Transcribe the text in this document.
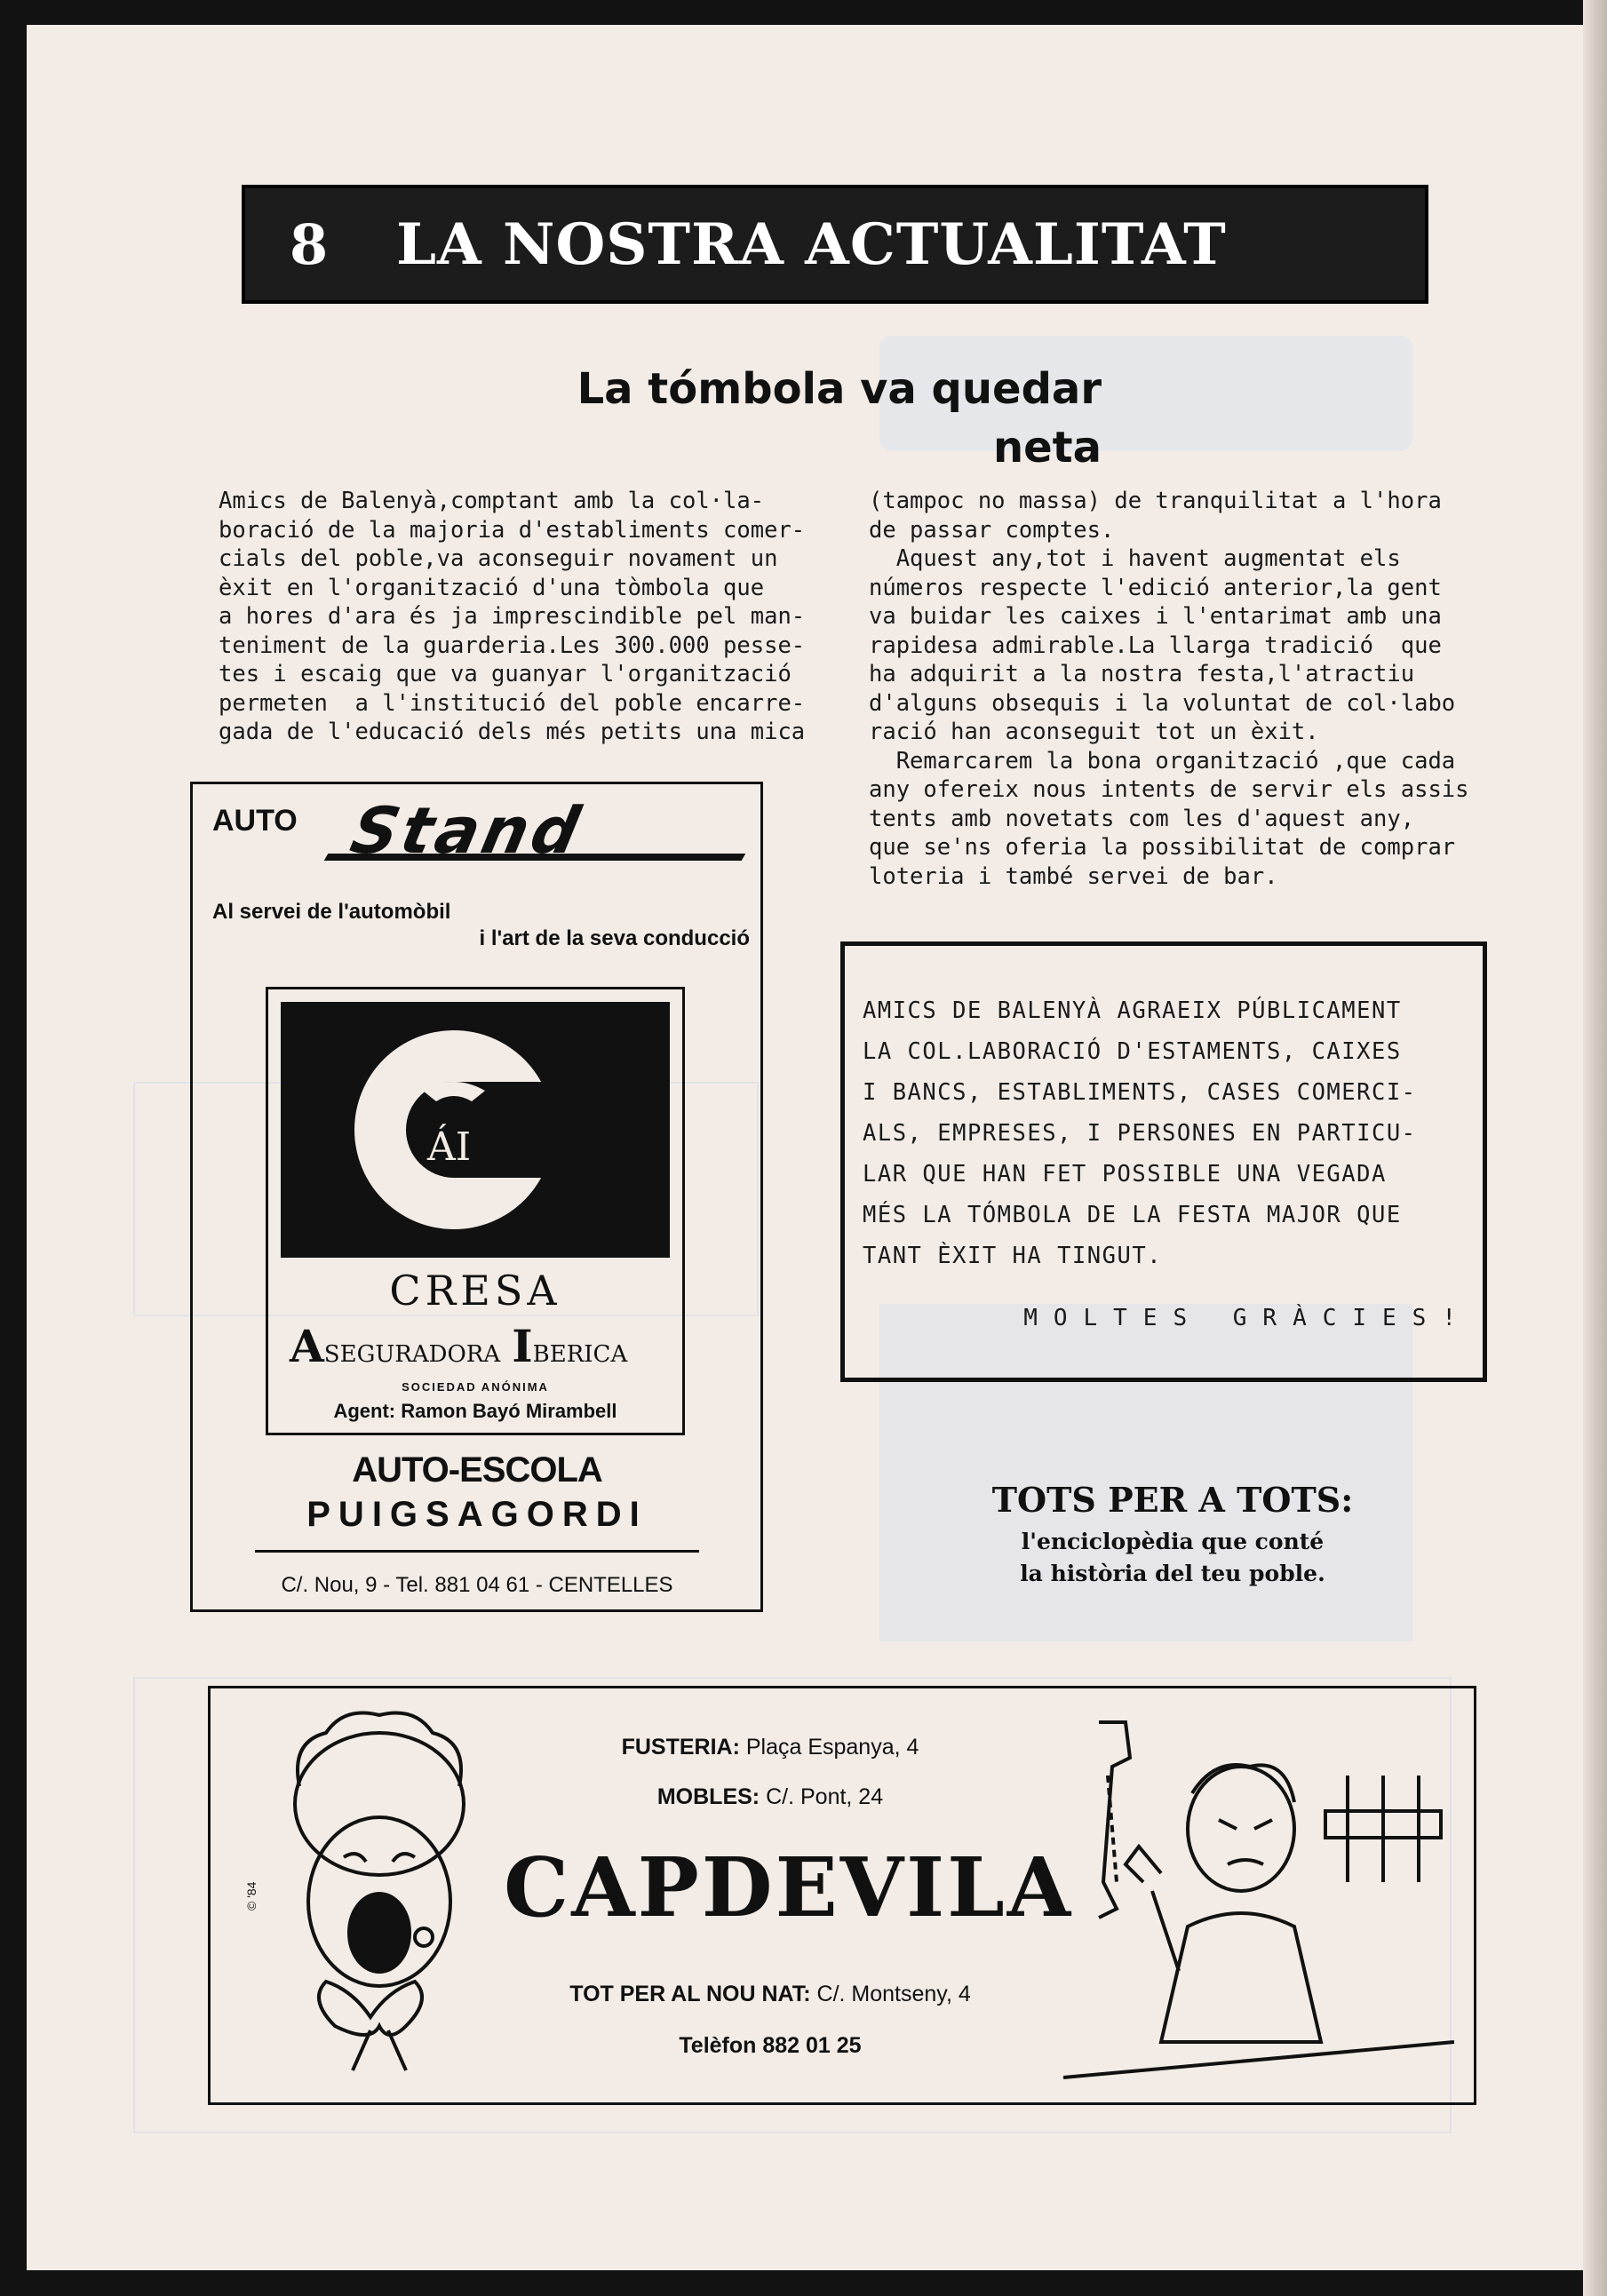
8	LA NOSTRA ACTUALITAT
La tómbola va quedar
neta
Amics de Balenyà,comptant amb la col·la-
boració de la majoria d'establiments comer-
cials del poble,va aconseguir novament un
èxit en l'organització d'una tòmbola que
a hores d'ara és ja imprescindible pel man-
teniment de la guarderia.Les 300.000 pesse-
tes i escaig que va guanyar l'organització
permeten  a l'institució del poble encarre-
gada de l'educació dels més petits una mica
(tampoc no massa) de tranquilitat a l'hora
de passar comptes.
Aquest any,tot i havent augmentat els
números respecte l'edició anterior,la gent
va buidar les caixes i l'entarimat amb una
rapidesa admirable.La llarga tradició  que
ha adquirit a la nostra festa,l'atractiu
d'alguns obsequis i la voluntat de col·labo
ració han aconseguit tot un èxit.
Remarcarem la bona organització ,que cada
any ofereix nous intents de servir els assis
tents amb novetats com les d'aquest any,
que se'ns oferia la possibilitat de comprar
loteria i també servei de bar.
AUTO Stand
Al servei de l'automòbil
i l'art de la seva conducció
ÁI
CRESA
ASEGURADORA IBERICA
SOCIEDAD ANÓNIMA
Agent: Ramon Bayó Mirambell
AUTO-ESCOLA
PUIGSAGORDI
C/. Nou, 9 - Tel. 881 04 61 - CENTELLES
AMICS DE BALENYÀ AGRAEIX PÚBLICAMENT
LA COL.LABORACIÓ D'ESTAMENTS, CAIXES
I BANCS, ESTABLIMENTS, CASES COMERCI-
ALS, EMPRESES, I PERSONES EN PARTICU-
LAR QUE HAN FET POSSIBLE UNA VEGADA
MÉS LA TÓMBOLA DE LA FESTA MAJOR QUE
TANT ÈXIT HA TINGUT.
MOLTES GRÀCIES!
TOTS PER A TOTS:
l'enciclopèdia que conté
la història del teu poble.
© '84
FUSTERIA: Plaça Espanya, 4
MOBLES: C/. Pont, 24
CAPDEVILA
TOT PER AL NOU NAT: C/. Montseny, 4
Telèfon 882 01 25
